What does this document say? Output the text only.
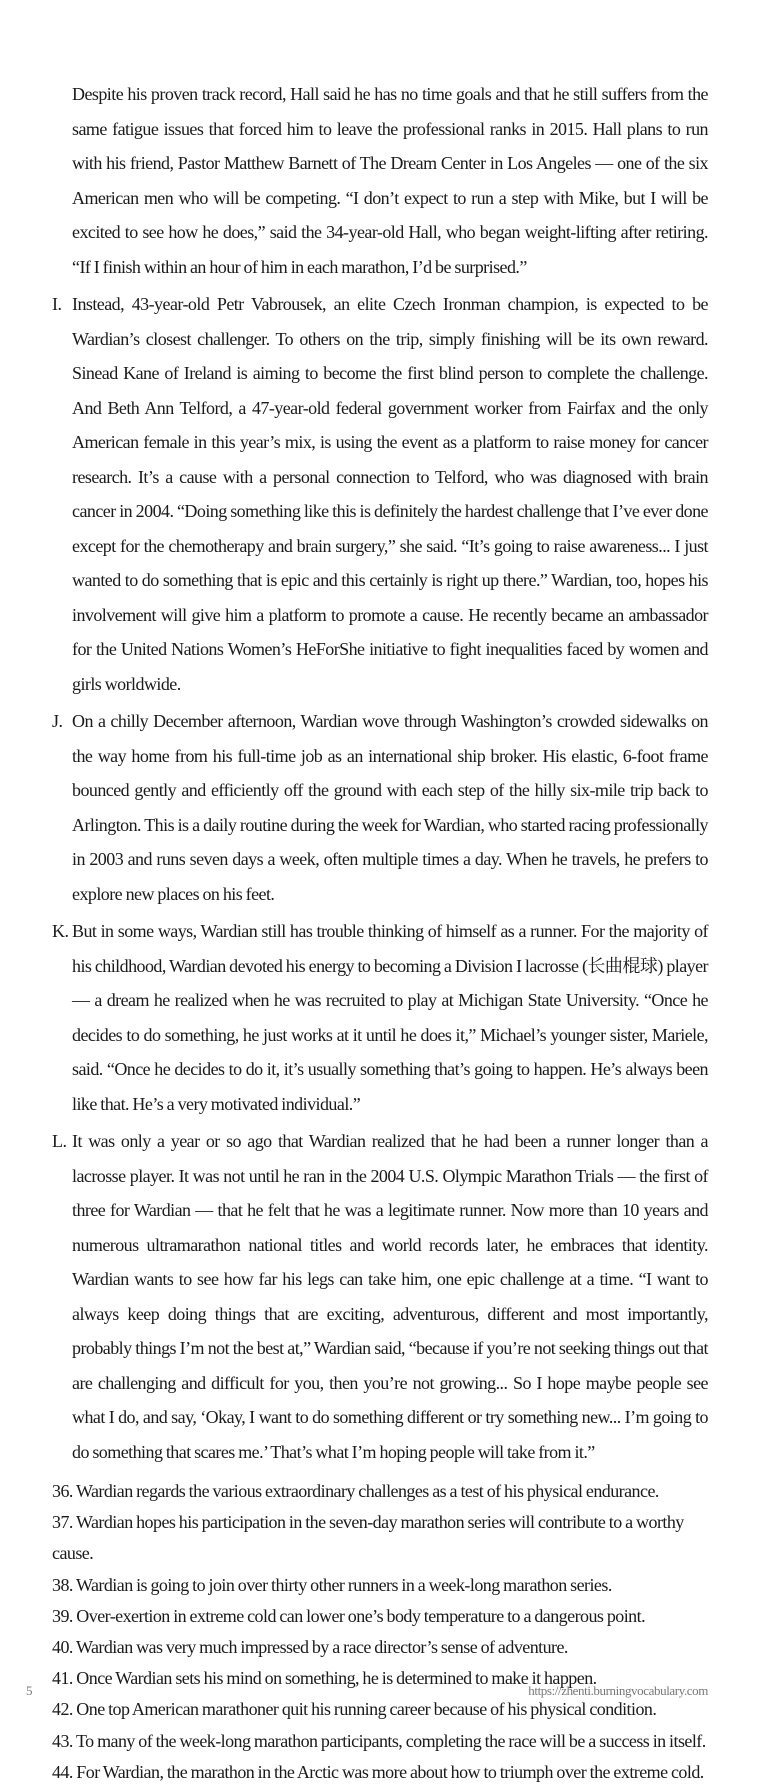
Despite his proven track record, Hall said he has no time goals and that he still suffers from the same fatigue issues that forced him to leave the professional ranks in 2015. Hall plans to run with his friend, Pastor Matthew Barnett of The Dream Center in Los Angeles — one of the six American men who will be competing. “I don’t expect to run a step with Mike, but I will be excited to see how he does,” said the 34-year-old Hall, who began weight-lifting after retiring. “If I finish within an hour of him in each marathon, I’d be surprised.”

I. Instead, 43-year-old Petr Vabrousek, an elite Czech Ironman champion, is expected to be Wardian’s closest challenger. To others on the trip, simply finishing will be its own reward. Sinead Kane of Ireland is aiming to become the first blind person to complete the challenge. And Beth Ann Telford, a 47-year-old federal government worker from Fairfax and the only American female in this year’s mix, is using the event as a platform to raise money for cancer research. It’s a cause with a personal connection to Telford, who was diagnosed with brain cancer in 2004. “Doing something like this is definitely the hardest challenge that I’ve ever done except for the chemotherapy and brain surgery,” she said. “It’s going to raise awareness... I just wanted to do something that is epic and this certainly is right up there.” Wardian, too, hopes his involvement will give him a platform to promote a cause. He recently became an ambassador for the United Nations Women’s HeForShe initiative to fight inequalities faced by women and girls worldwide.

J. On a chilly December afternoon, Wardian wove through Washington’s crowded sidewalks on the way home from his full-time job as an international ship broker. His elastic, 6-foot frame bounced gently and efficiently off the ground with each step of the hilly six-mile trip back to Arlington. This is a daily routine during the week for Wardian, who started racing professionally in 2003 and runs seven days a week, often multiple times a day. When he travels, he prefers to explore new places on his feet.

K. But in some ways, Wardian still has trouble thinking of himself as a runner. For the majority of his childhood, Wardian devoted his energy to becoming a Division I lacrosse (长曲棍球) player — a dream he realized when he was recruited to play at Michigan State University. “Once he decides to do something, he just works at it until he does it,” Michael’s younger sister, Mariele, said. “Once he decides to do it, it’s usually something that’s going to happen. He’s always been like that. He’s a very motivated individual.”

L. It was only a year or so ago that Wardian realized that he had been a runner longer than a lacrosse player. It was not until he ran in the 2004 U.S. Olympic Marathon Trials — the first of three for Wardian — that he felt that he was a legitimate runner. Now more than 10 years and numerous ultramarathon national titles and world records later, he embraces that identity. Wardian wants to see how far his legs can take him, one epic challenge at a time. “I want to always keep doing things that are exciting, adventurous, different and most importantly, probably things I’m not the best at,” Wardian said, “because if you’re not seeking things out that are challenging and difficult for you, then you’re not growing... So I hope maybe people see what I do, and say, ‘Okay, I want to do something different or try something new... I’m going to do something that scares me.’ That’s what I’m hoping people will take from it.”

36. Wardian regards the various extraordinary challenges as a test of his physical endurance.

37. Wardian hopes his participation in the seven-day marathon series will contribute to a worthy cause.

38. Wardian is going to join over thirty other runners in a week-long marathon series.

39. Over-exertion in extreme cold can lower one’s body temperature to a dangerous point.

40. Wardian was very much impressed by a race director’s sense of adventure.

41. Once Wardian sets his mind on something, he is determined to make it happen.

42. One top American marathoner quit his running career because of his physical condition.

43. To many of the week-long marathon participants, completing the race will be a success in itself.

44. For Wardian, the marathon in the Arctic was more about how to triumph over the extreme cold.

5	https://zhenti.burningvocabulary.com
